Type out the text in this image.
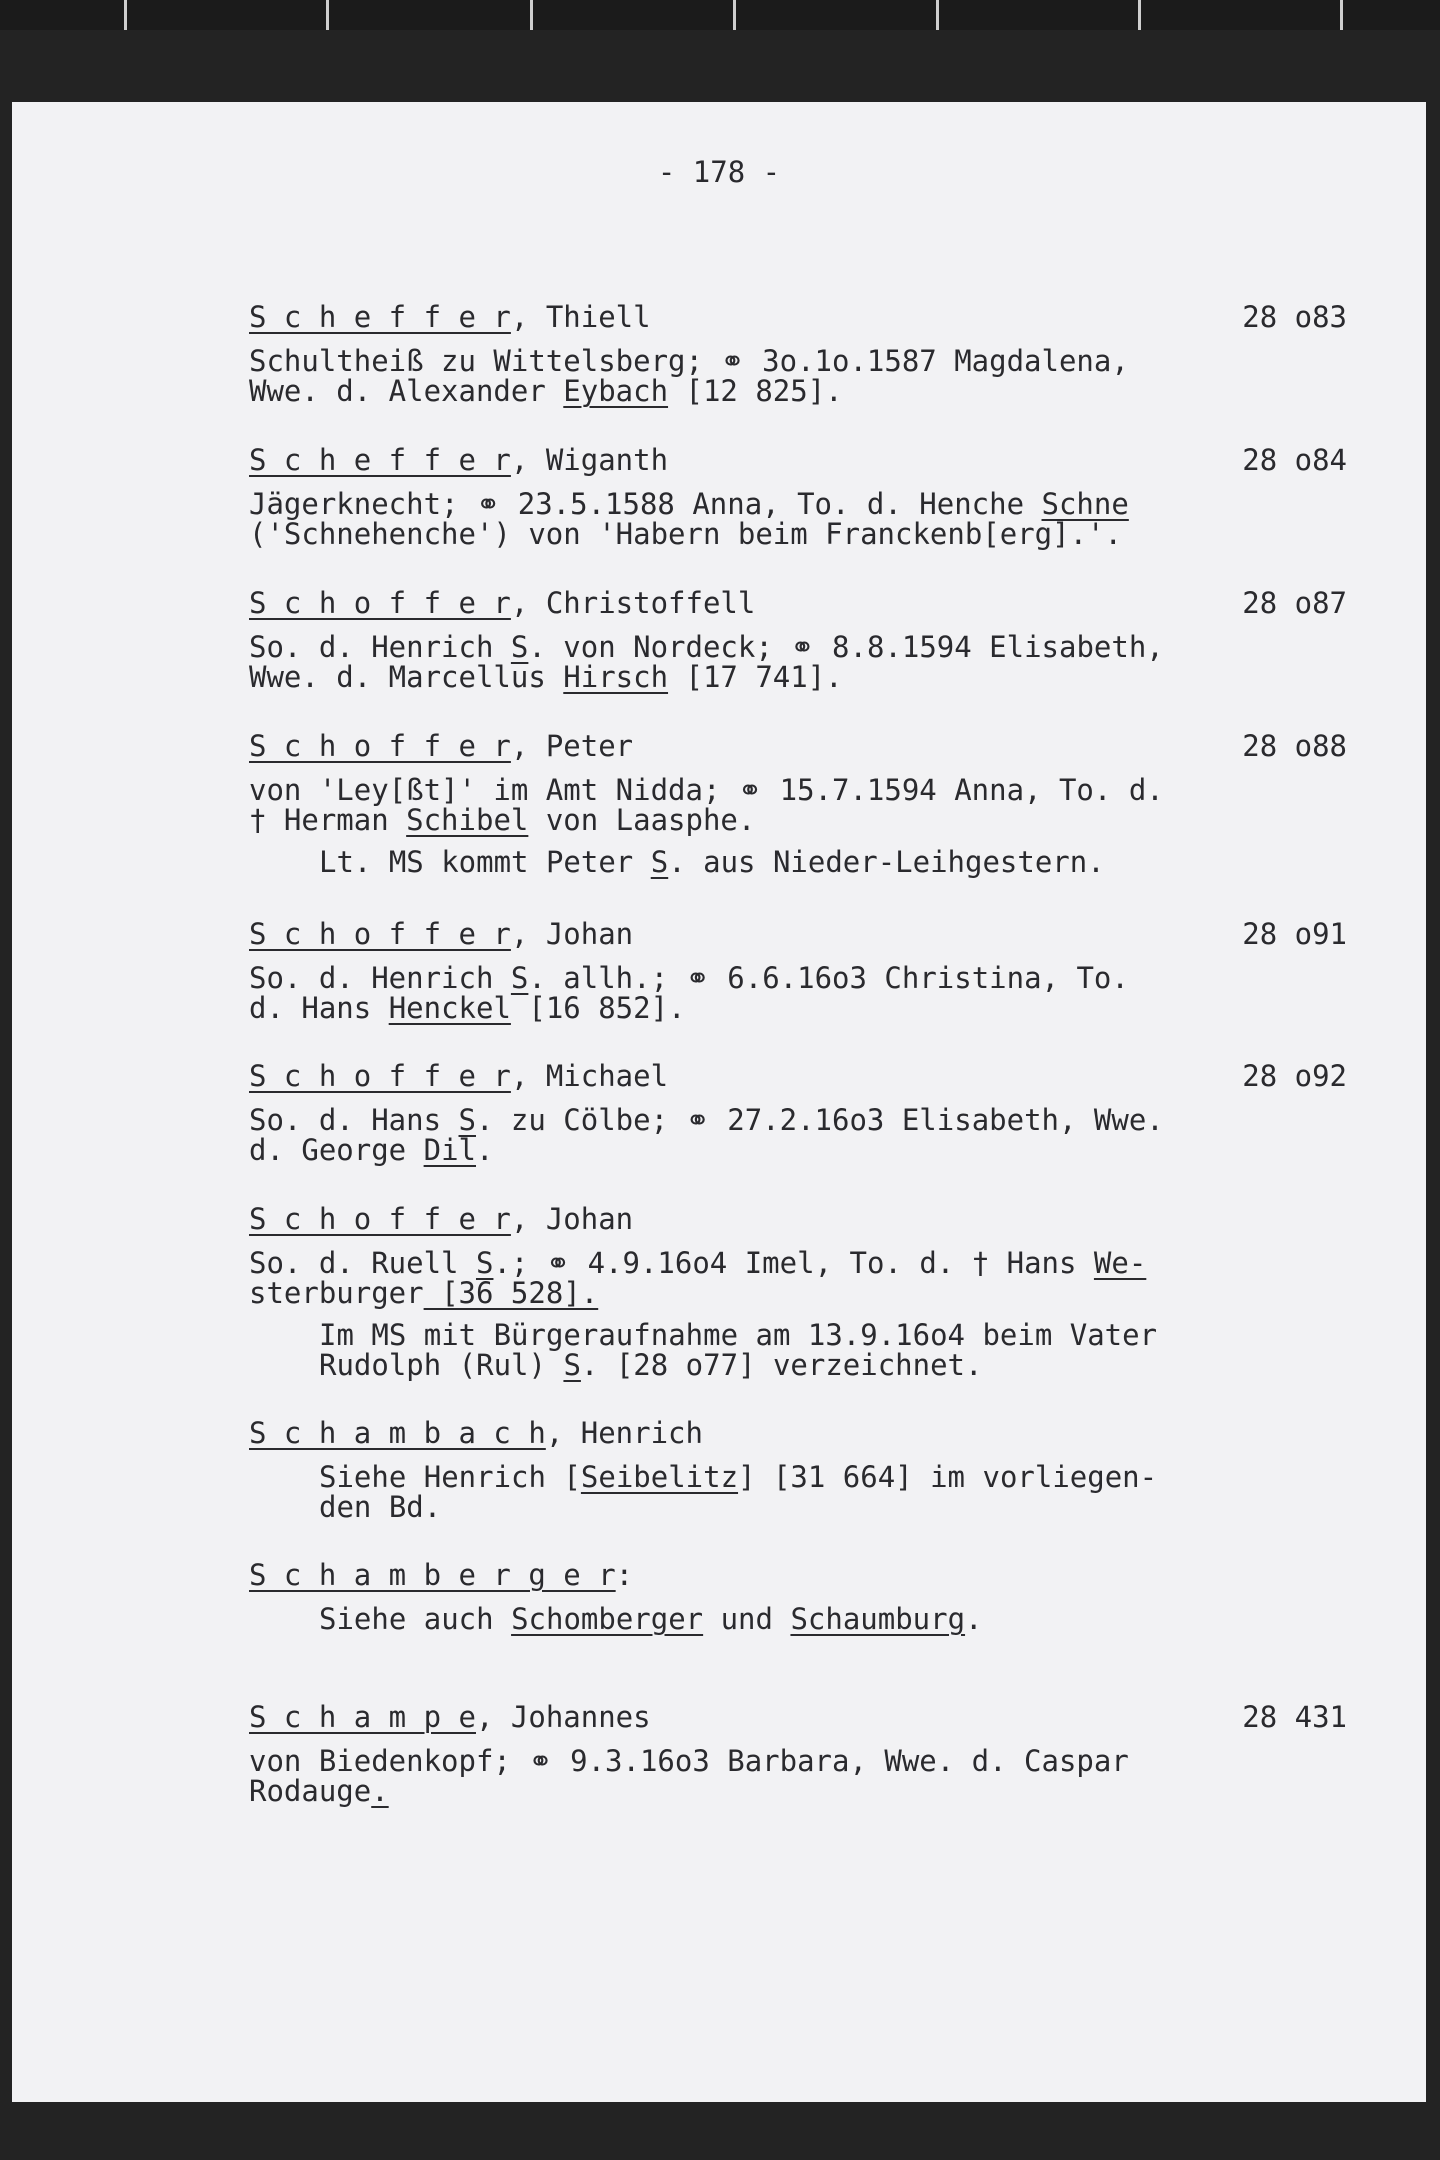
- 178 -
S c h e f f e r, Thiell	28 o83
Schultheiß zu Wittelsberg; ⚭ 3o.1o.1587 Magdalena,
Wwe. d. Alexander Eybach [12 825].
S c h e f f e r, Wiganth	28 o84
Jägerknecht; ⚭ 23.5.1588 Anna, To. d. Henche Schne
('Schnehenche') von 'Habern beim Franckenb[erg].'.
S c h o f f e r, Christoffell	28 o87
So. d. Henrich S. von Nordeck; ⚭ 8.8.1594 Elisabeth,
Wwe. d. Marcellus Hirsch [17 741].
S c h o f f e r, Peter	28 o88
von 'Ley[ßt]' im Amt Nidda; ⚭ 15.7.1594 Anna, To. d.
† Herman Schibel von Laasphe.
Lt. MS kommt Peter S. aus Nieder-Leihgestern.
S c h o f f e r, Johan	28 o91
So. d. Henrich S. allh.; ⚭ 6.6.16o3 Christina, To.
d. Hans Henckel [16 852].
S c h o f f e r, Michael	28 o92
So. d. Hans S. zu Cölbe; ⚭ 27.2.16o3 Elisabeth, Wwe.
d. George Dil.
S c h o f f e r, Johan
So. d. Ruell S.; ⚭ 4.9.16o4 Imel, To. d. † Hans We-
sterburger [36 528].
Im MS mit Bürgeraufnahme am 13.9.16o4 beim Vater
Rudolph (Rul) S. [28 o77] verzeichnet.
S c h a m b a c h, Henrich
Siehe Henrich [Seibelitz] [31 664] im vorliegen-
den Bd.
S c h a m b e r g e r:
Siehe auch Schomberger und Schaumburg.
S c h a m p e, Johannes	28 431
von Biedenkopf; ⚭ 9.3.16o3 Barbara, Wwe. d. Caspar
Rodauge.
